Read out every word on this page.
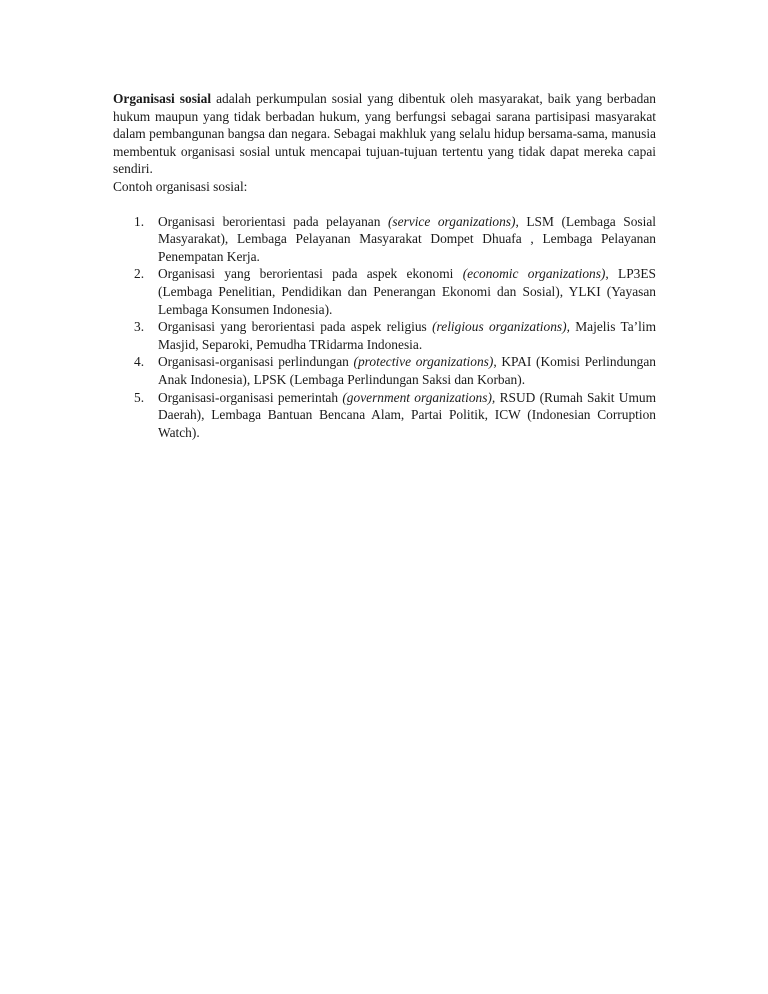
Organisasi sosial adalah perkumpulan sosial yang dibentuk oleh masyarakat, baik yang berbadan hukum maupun yang tidak berbadan hukum, yang berfungsi sebagai sarana partisipasi masyarakat dalam pembangunan bangsa dan negara. Sebagai makhluk yang selalu hidup bersama-sama, manusia membentuk organisasi sosial untuk mencapai tujuan-tujuan tertentu yang tidak dapat mereka capai sendiri.

Contoh organisasi sosial:

1. Organisasi berorientasi pada pelayanan (service organizations), LSM (Lembaga Sosial Masyarakat), Lembaga Pelayanan Masyarakat Dompet Dhuafa , Lembaga Pelayanan Penempatan Kerja.
2. Organisasi yang berorientasi pada aspek ekonomi (economic organizations), LP3ES (Lembaga Penelitian, Pendidikan dan Penerangan Ekonomi dan Sosial), YLKI (Yayasan Lembaga Konsumen Indonesia).
3. Organisasi yang berorientasi pada aspek religius (religious organizations), Majelis Ta’lim Masjid, Separoki, Pemudha TRidarma Indonesia.
4. Organisasi-organisasi perlindungan (protective organizations), KPAI (Komisi Perlindungan Anak Indonesia), LPSK (Lembaga Perlindungan Saksi dan Korban).
5. Organisasi-organisasi pemerintah (government organizations), RSUD (Rumah Sakit Umum Daerah), Lembaga Bantuan Bencana Alam, Partai Politik, ICW (Indonesian Corruption Watch).
